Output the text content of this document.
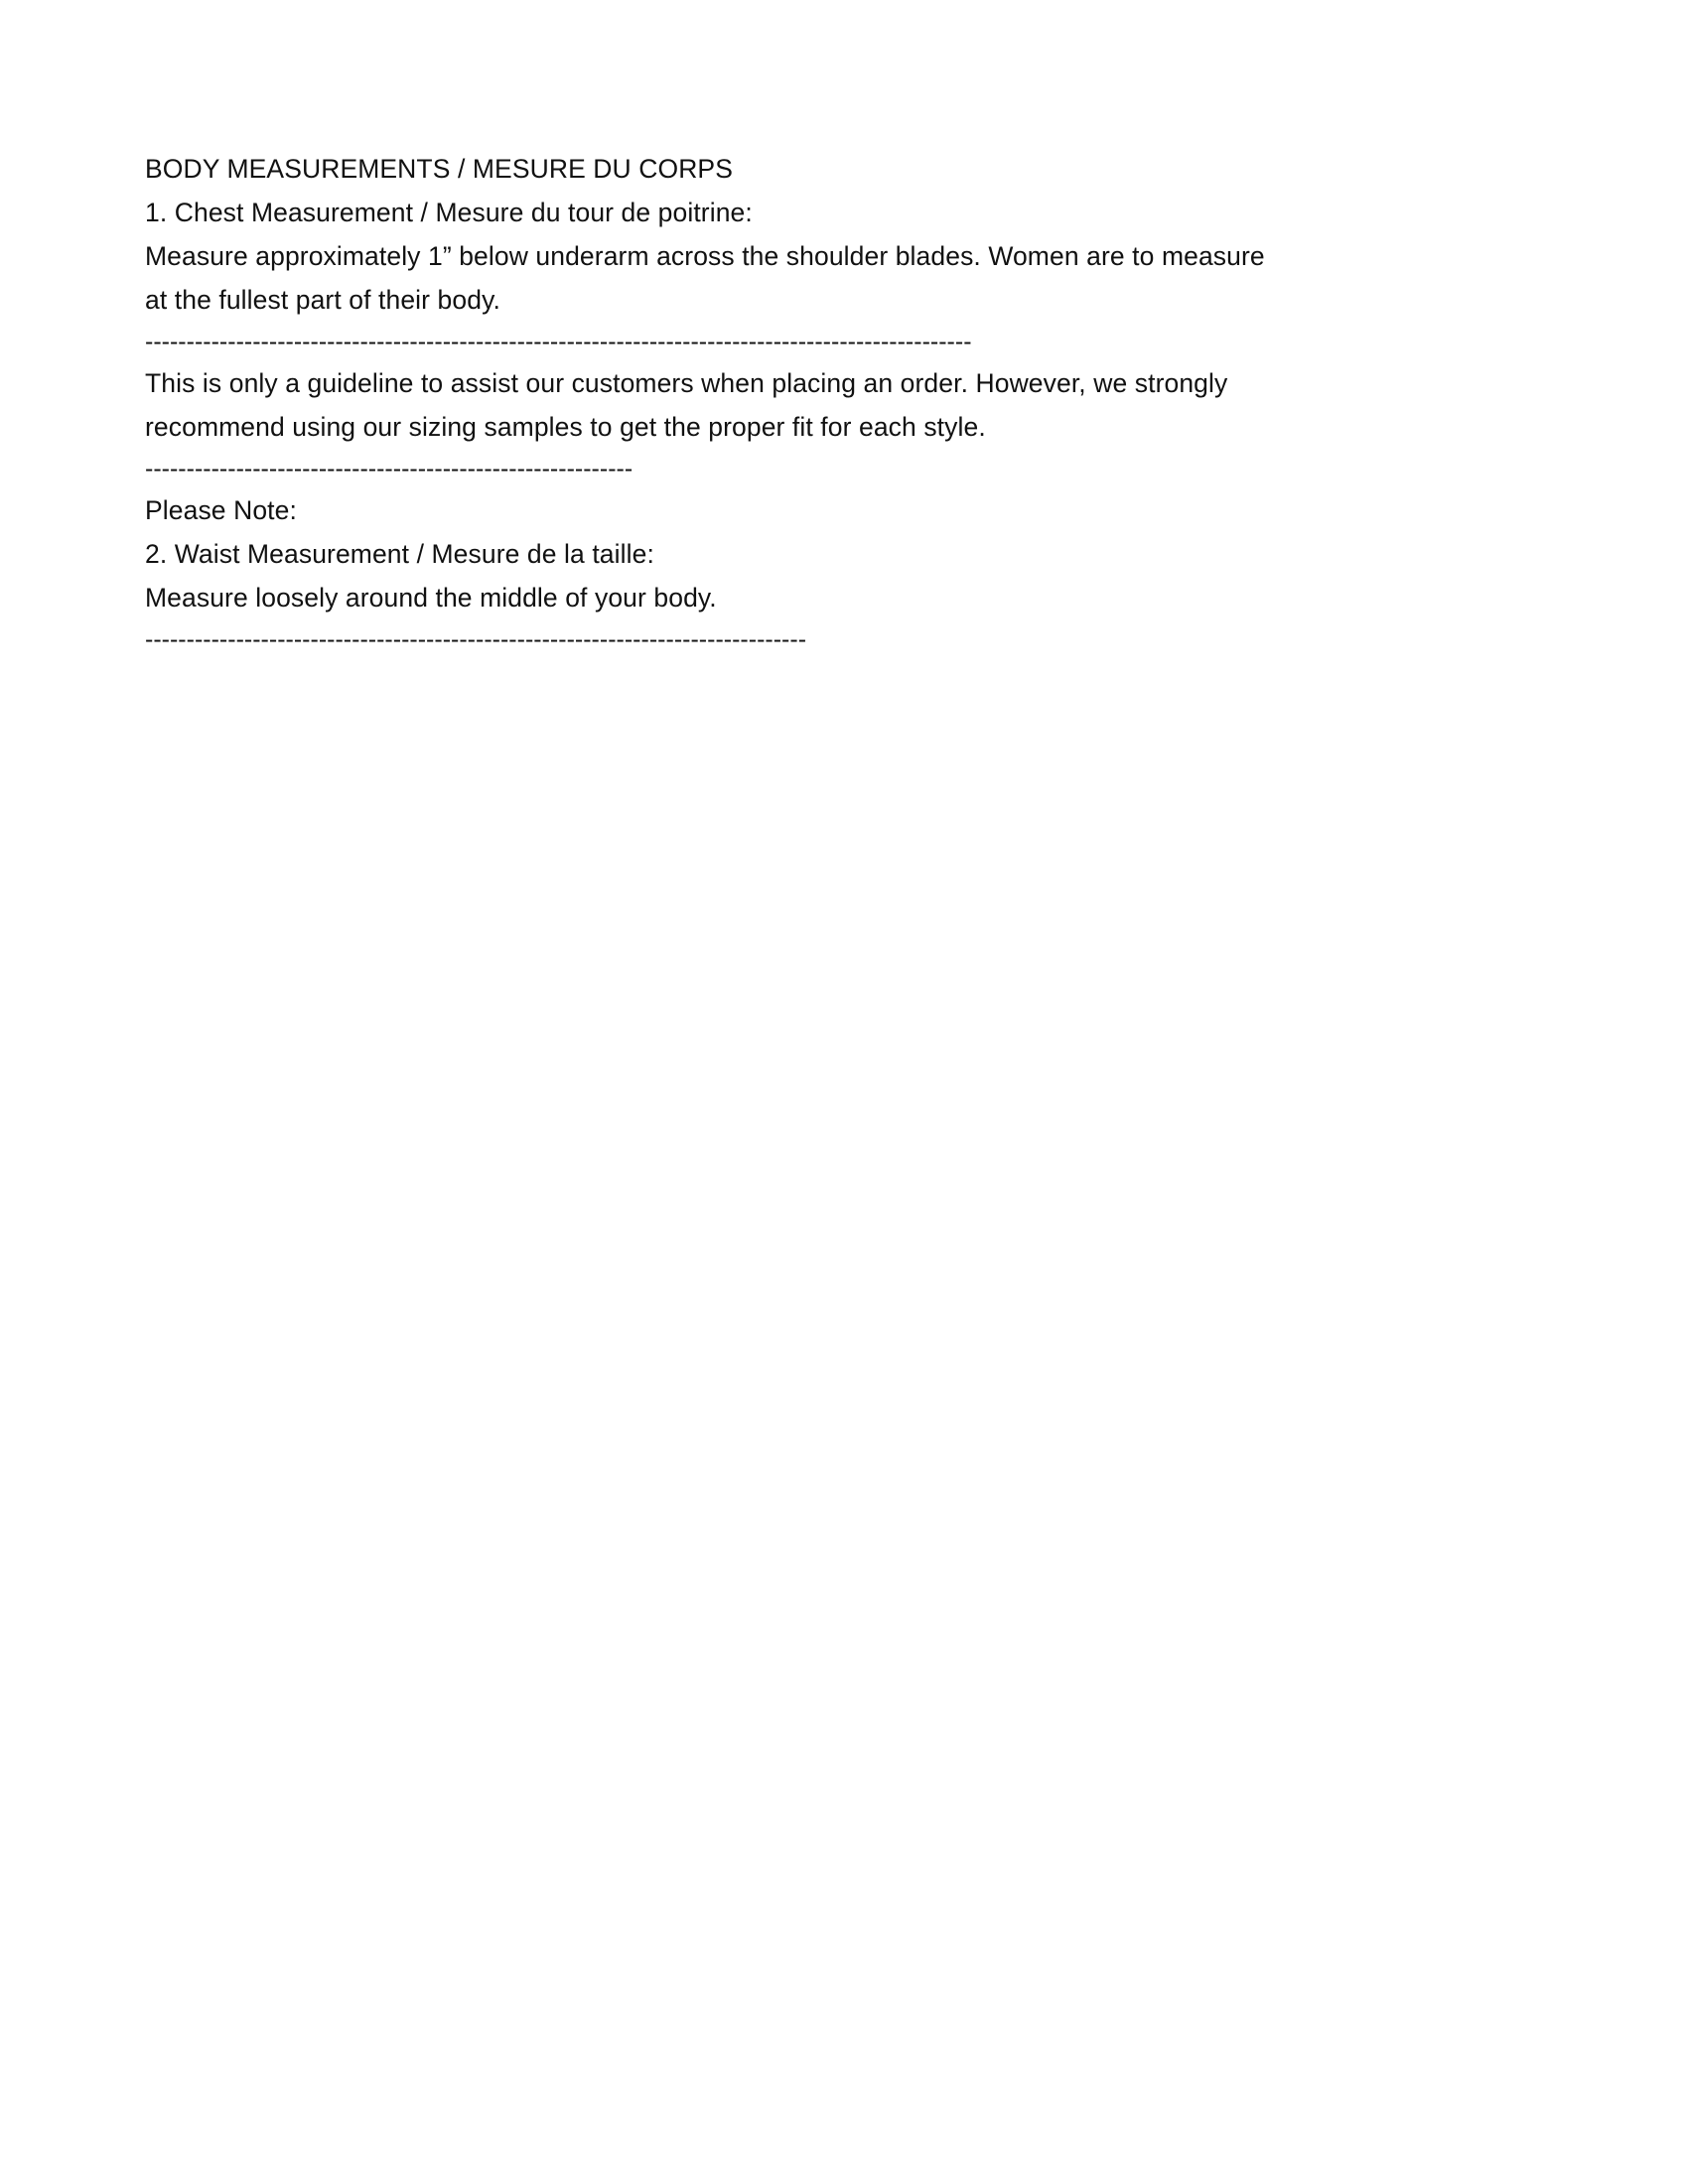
BODY MEASUREMENTS / MESURE DU CORPS
1. Chest Measurement / Mesure du tour de poitrine:
Measure approximately 1” below underarm across the shoulder blades. Women are to measure at the fullest part of their body.
----------------------------------------------------------------------------------------------------
This is only a guideline to assist our customers when placing an order. However, we strongly recommend using our sizing samples to get the proper fit for each style.
-----------------------------------------------------------
Please Note:
2. Waist Measurement / Mesure de la taille:
Measure loosely around the middle of your body.
--------------------------------------------------------------------------------
